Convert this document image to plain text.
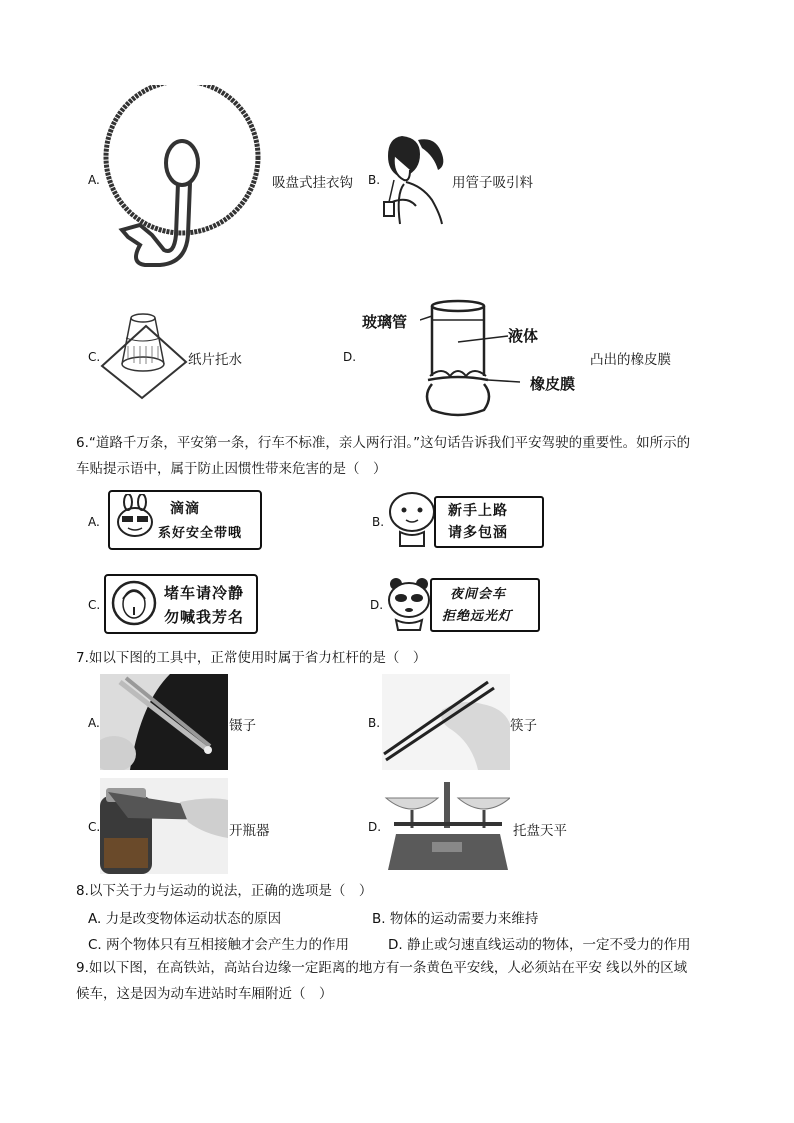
A.	吸盘式挂衣钩 B.	用管子吸引料
C.	纸片托水	D.
玻璃管
液体
橡皮膜
凸出的橡皮膜
6.“道路千万条，平安第一条，行车不标准，亲人两行泪。”这句话告诉我们平安驾驶的重要性。如所示的
车贴提示语中，属于防止因惯性带来危害的是（　）
A.
滴滴
系好安全带哦
B.
新手上路
请多包涵
C.
堵车请冷静
勿喊我芳名
D.
夜间会车
拒绝远光灯
7.如以下图的工具中，正常使用时属于省力杠杆的是（　）
A.	镊子	B.	筷子
C.	开瓶器	D.	托盘天平
8.以下关于力与运动的说法，正确的选项是（　）
A. 力是改变物体运动状态的原因	B. 物体的运动需要力来维持
C. 两个物体只有互相接触才会产生力的作用	D. 静止或匀速直线运动的物体，一定不受力的作用
9.如以下图，在高铁站，高站台边缘一定距离的地方有一条黄色平安线，人必须站在平安 线以外的区域
候车，这是因为动车进站时车厢附近（　）
